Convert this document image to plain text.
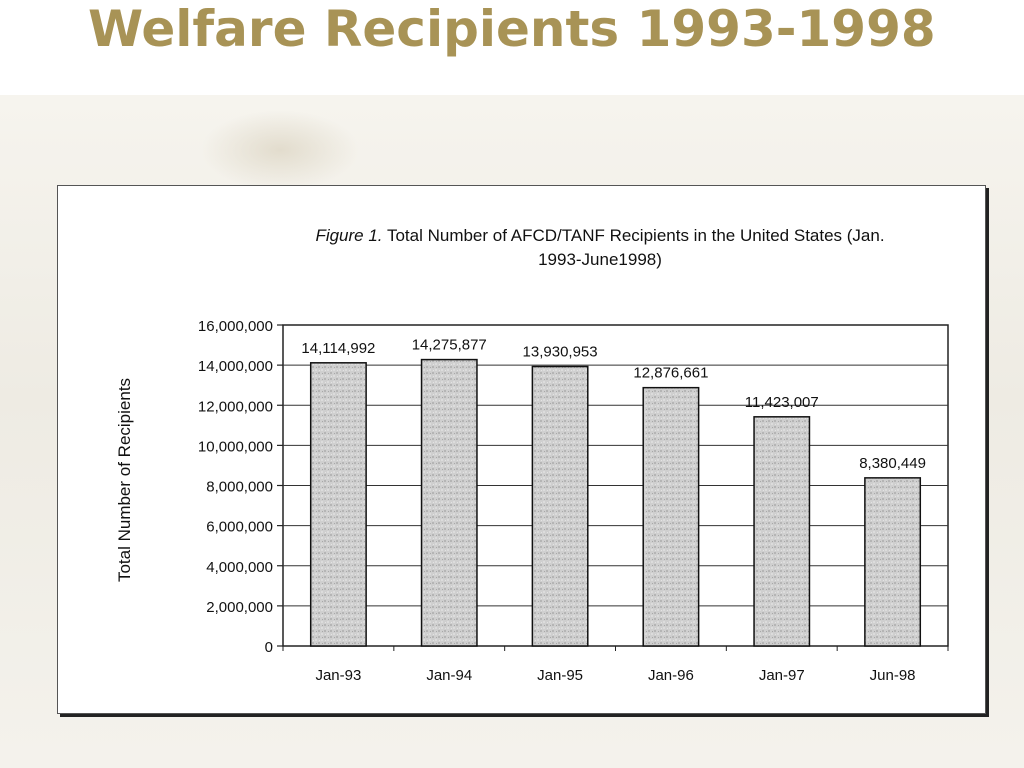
Welfare Recipients 1993-1998

Figure 1. Total Number of AFCD/TANF Recipients in the United States (Jan. 1993-June1998)

14,114,992 14,275,877 13,930,953
12,876,661
11,423,007
8,380,449
0
2,000,000
4,000,000
6,000,000
8,000,000
10,000,000
12,000,000
14,000,000
16,000,000
Jan-93	Jan-94	Jan-95	Jan-96	Jan-97	Jun-98
Total Number of Recipients
